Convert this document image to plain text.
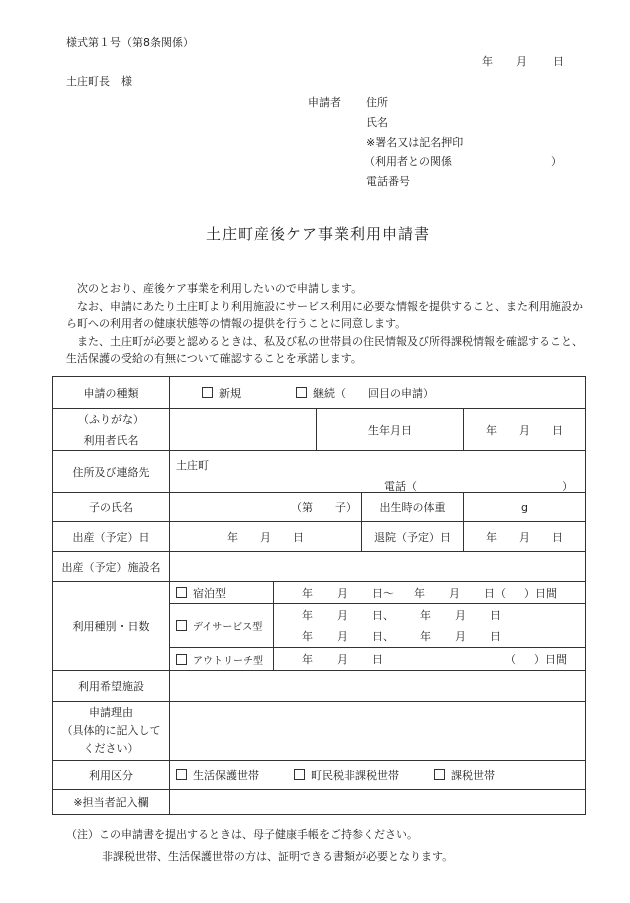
様式第１号（第8条関係）
年 月 日
土庄町長　様
申請者 住所
氏名
※署名又は記名押印
（利用者との関係	）
電話番号
土庄町産後ケア事業利用申請書

次のとおり、産後ケア事業を利用したいので申請します。

なお、申請にあたり土庄町より利用施設にサービス利用に必要な情報を提供すること、また利用施設から町への利用者の健康状態等の情報の提供を行うことに同意します。

また、土庄町が必要と認めるときは、私及び私の世帯員の住民情報及び所得課税情報を確認すること、生活保護の受給の有無について確認することを承諾します。

申請の種類	新規 継続（　　回目の申請）				

（ふりがな）
利用者氏名			生年月日		年 月 日
住所及び連絡先	土庄町
電話（ ）				

子の氏名	（第　　子）			出生時の体重	g
出産（予定）日	年 月 日			退院（予定）日	年 月 日
出産（予定）施設名					
利用種別・日数	宿泊型	年 月 日～ 年 月 日（ ）日間			
	デイサービス型	年 月 日、 年 月 日			
		年 月 日、 年 月 日			
	アウトリーチ型	年 月 日 （ ）日間			
利用希望施設					

申請理由
（具体的に記入して
ください）					

利用区分	生活保護世帯 町民税非課税世帯 課税世帯				
※担当者記入欄					
（注）この申請書を提出するときは、母子健康手帳をご持参ください。
非課税世帯、生活保護世帯の方は、証明できる書類が必要となります。
